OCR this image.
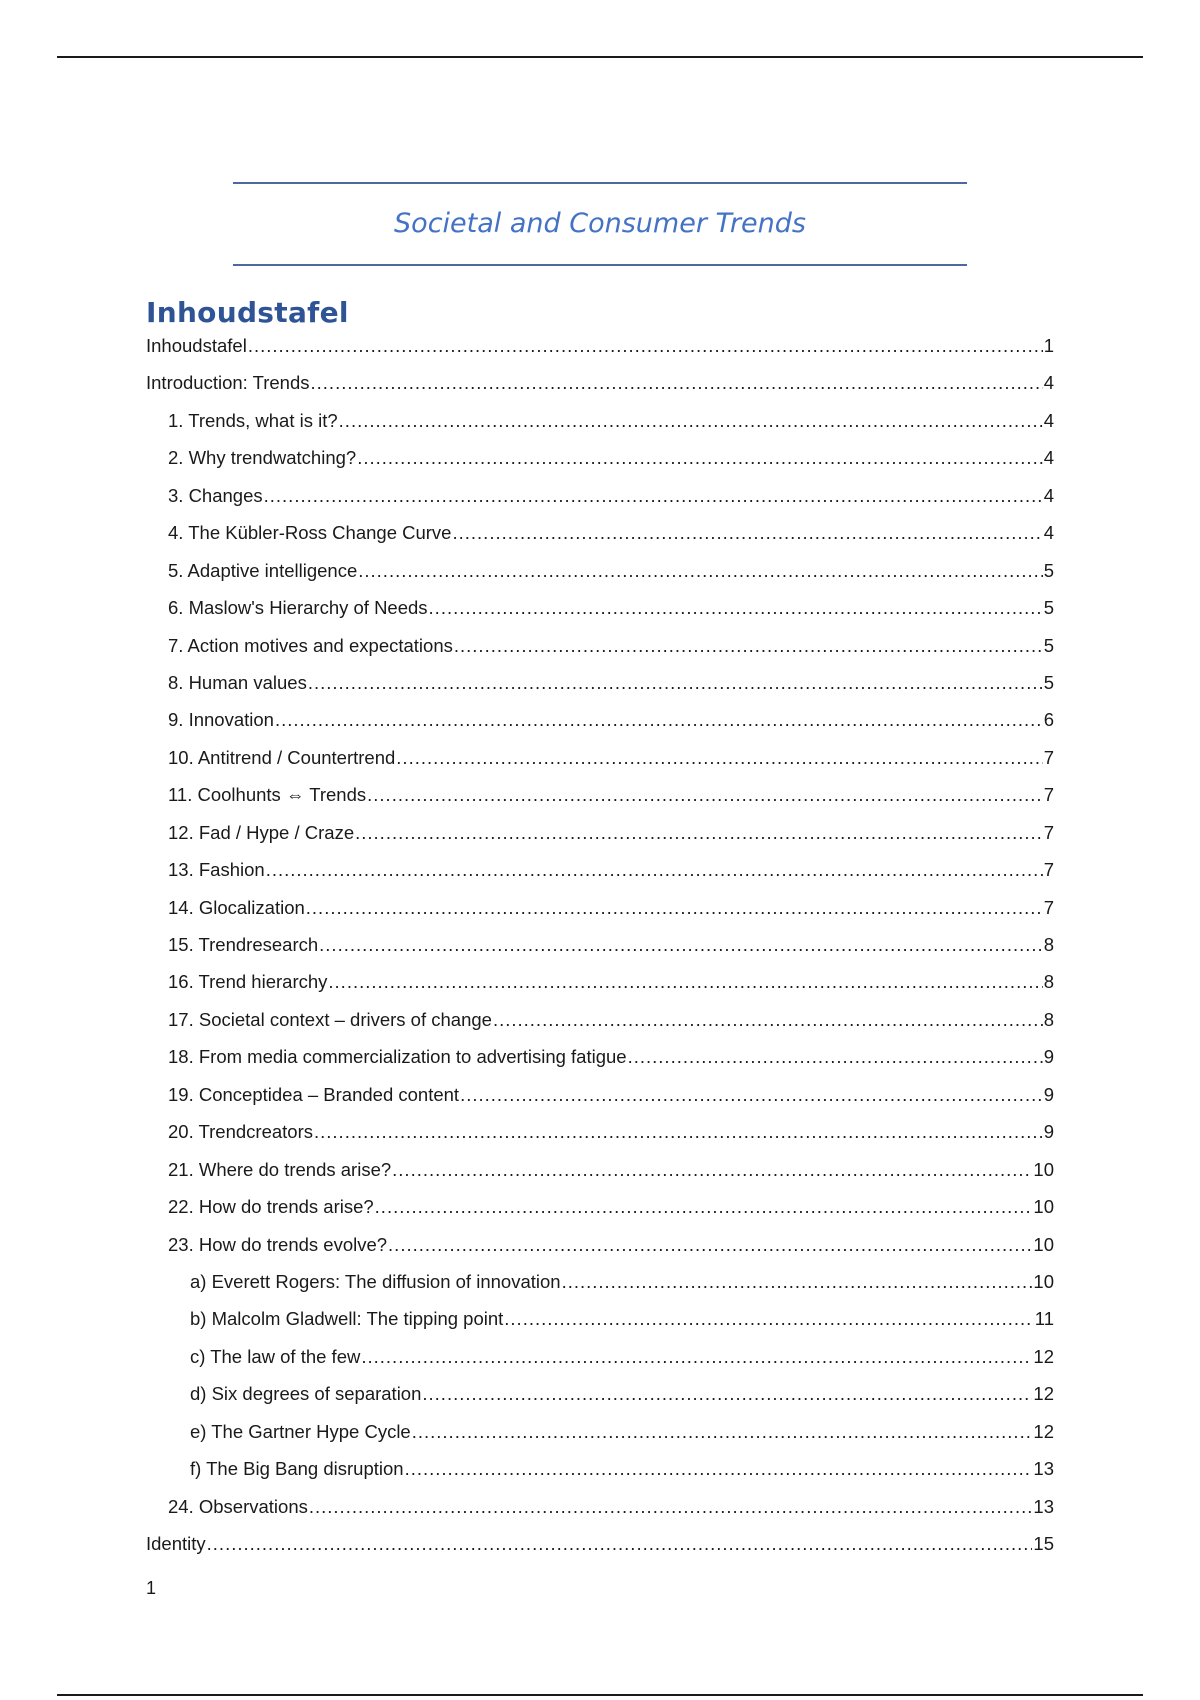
Societal and Consumer Trends
Inhoudstafel
Inhoudstafel .....	1
Introduction: Trends .....	4
1. Trends, what is it? .....	4
2. Why trendwatching? .....	4
3. Changes .....	4
4. The Kübler-Ross Change Curve .....	4
5. Adaptive intelligence .....	5
6. Maslow's Hierarchy of Needs .....	5
7. Action motives and expectations .....	5
8. Human values .....	5
9. Innovation .....	6
10. Antitrend / Countertrend .....	7
11. Coolhunts ⇔ Trends .....	7
12. Fad / Hype / Craze .....	7
13. Fashion .....	7
14. Glocalization .....	7
15. Trendresearch .....	8
16. Trend hierarchy .....	8
17. Societal context – drivers of change .....	8
18. From media commercialization to advertising fatigue .....	9
19. Conceptidea – Branded content .....	9
20. Trendcreators .....	9
21. Where do trends arise? .....	10
22. How do trends arise? .....	10
23. How do trends evolve? .....	10
a) Everett Rogers: The diffusion of innovation .....	10
b) Malcolm Gladwell: The tipping point .....	11
c) The law of the few .....	12
d) Six degrees of separation .....	12
e) The Gartner Hype Cycle .....	12
f) The Big Bang disruption .....	13
24. Observations .....	13
Identity .....	15
1
